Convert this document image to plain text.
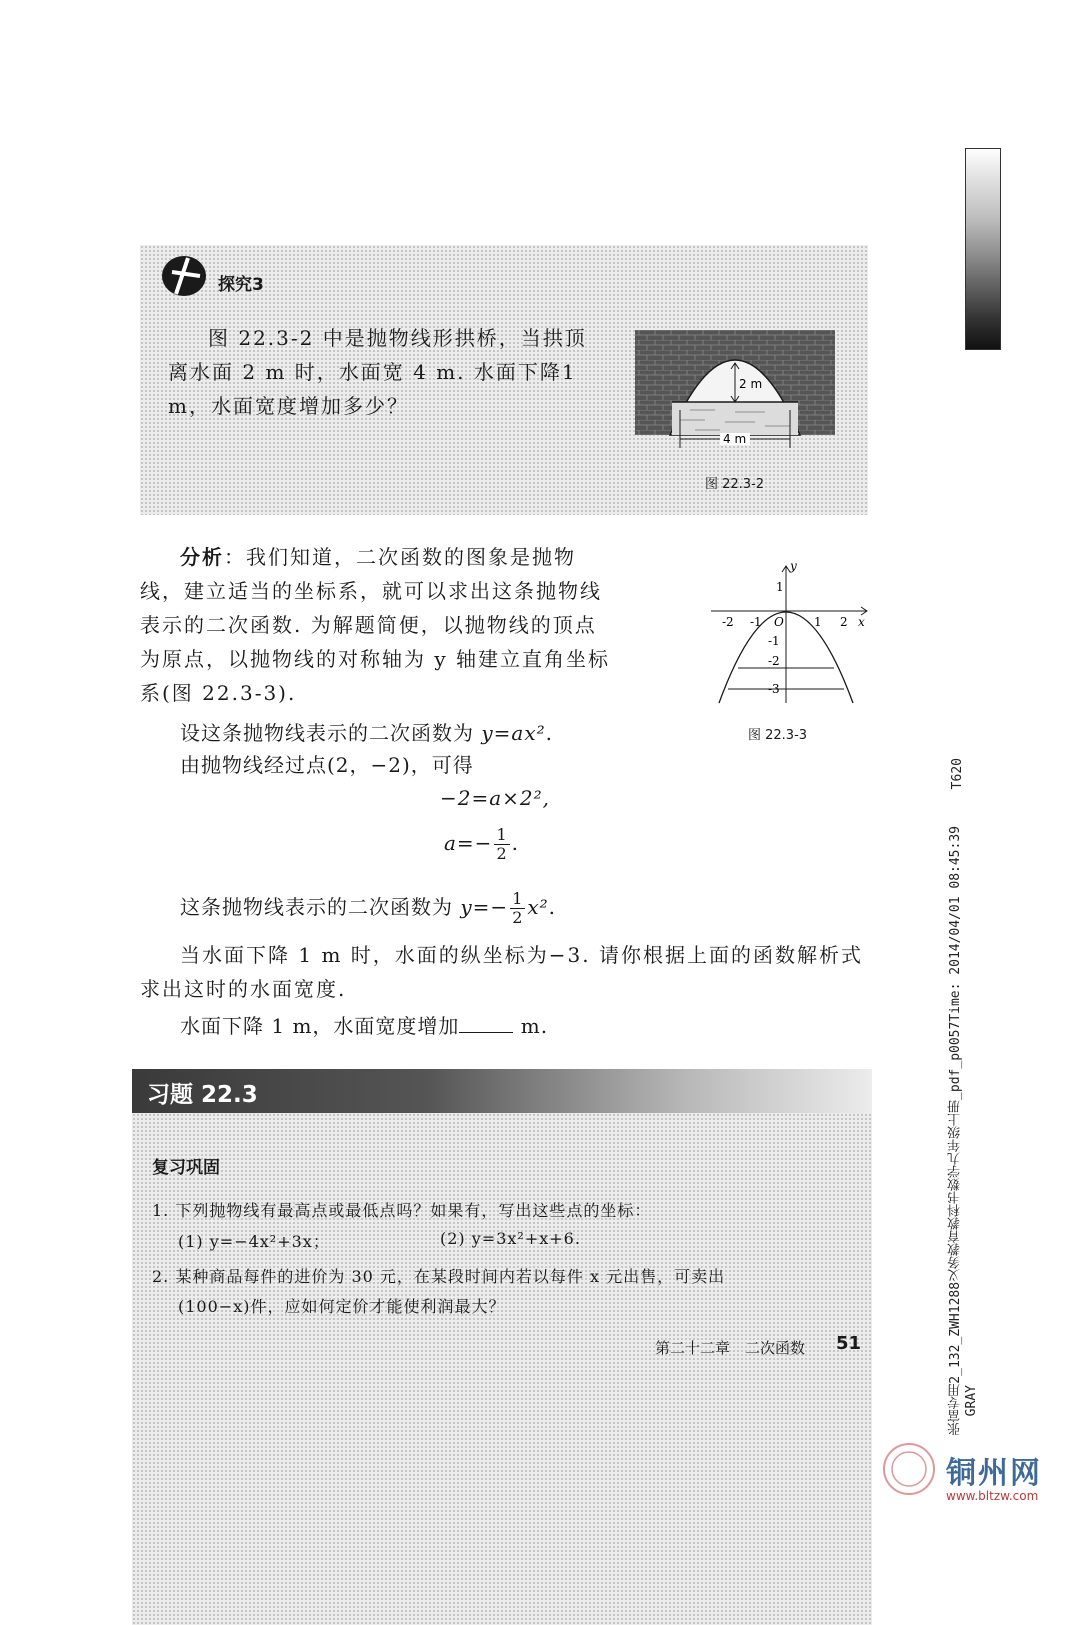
探究3
图 22.3-2 中是抛物线形拱桥，当拱顶离水面 2 m 时，水面宽 4 m. 水面下降1 m，水面宽度增加多少？
2 m
4 m
图 22.3-2
分析：我们知道，二次函数的图象是抛物线，建立适当的坐标系，就可以求出这条抛物线表示的二次函数. 为解题简便，以抛物线的顶点为原点，以抛物线的对称轴为 y 轴建立直角坐标系(图 22.3-3).
-2 -1	1 2
1
-1
-2
-3
O	x
y
图 22.3-3
设这条抛物线表示的二次函数为 y=ax².
由抛物线经过点(2，−2)，可得
−2=a×2²,
$a=- \frac{1}{2}$ .
这条抛物线表示的二次函数为 $y=- \frac{1}{2} x^2$.
当水面下降 1 m 时，水面的纵坐标为−3. 请你根据上面的函数解析式求出这时的水面宽度.
水面下降 1 m，水面宽度增加	m.
习题 22.3
复习巩固
1. 下列抛物线有最高点或最低点吗？如果有，写出这些点的坐标：
(1) y=−4x²+3x；	(2) y=3x²+x+6.
2. 某种商品每件的进价为 30 元，在某段时间内若以每件 x 元出售，可卖出
(100−x)件，应如何定价才能使利润最大？
第二十二章　二次函数 51
T620
张富专用2_132_ZWH1288义务教育教科书数学九年级上册_pdf_p0057Time: 2014/04/01 08:45:39 GRAY
铜州网
www.bltzw.com
